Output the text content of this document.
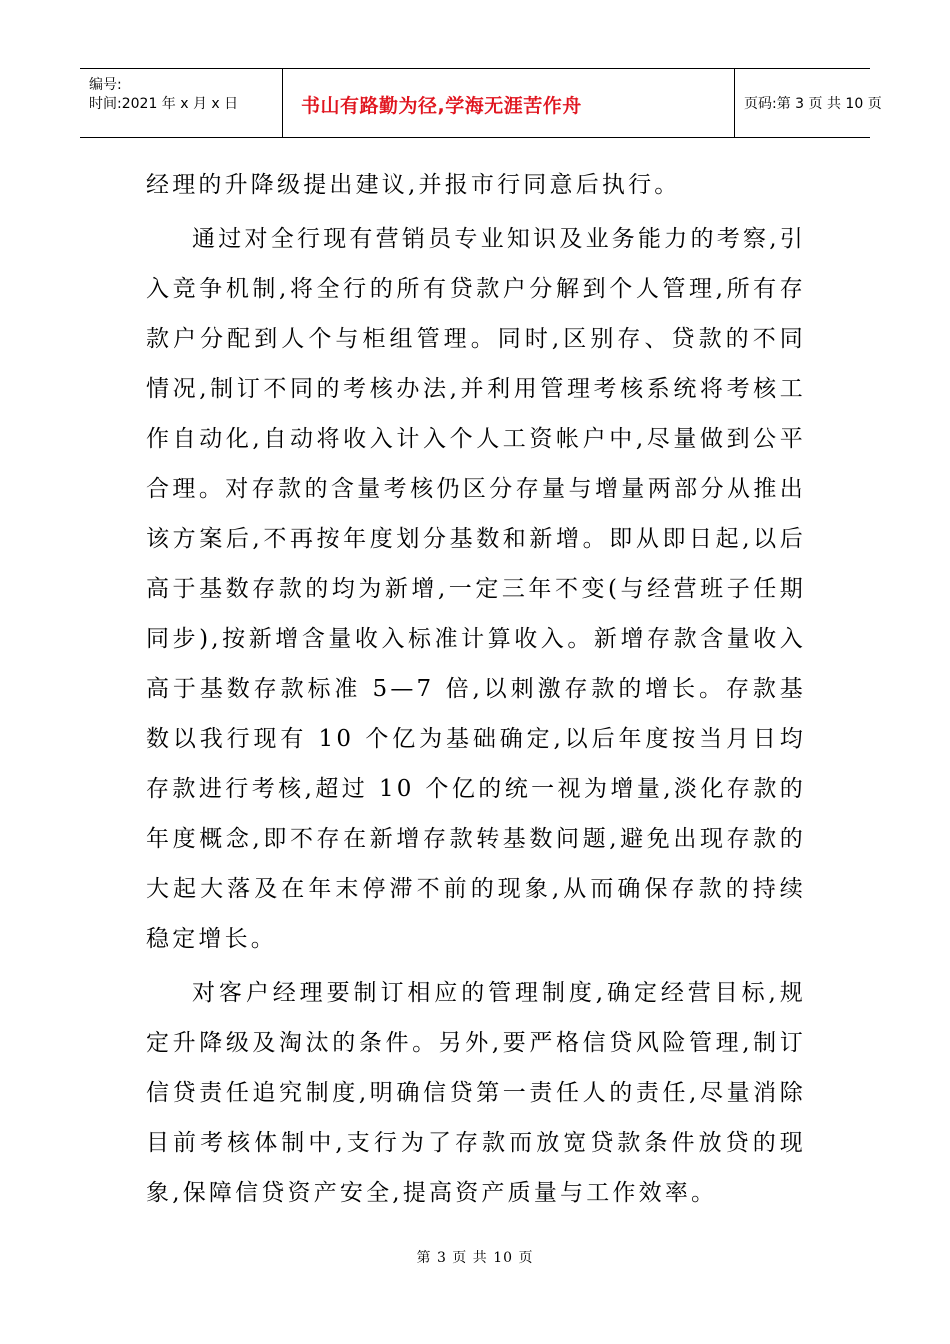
编号:
时间:2021 年 x 月 x 日	书山有路勤为径,学海无涯苦作舟	页码:第 3 页 共 10 页

经理的升降级提出建议,并报市行同意后执行。

通过对全行现有营销员专业知识及业务能力的考察,引入竞争机制,将全行的所有贷款户分解到个人管理,所有存款户分配到人个与柜组管理。同时,区别存、贷款的不同情况,制订不同的考核办法,并利用管理考核系统将考核工作自动化,自动将收入计入个人工资帐户中,尽量做到公平合理。对存款的含量考核仍区分存量与增量两部分从推出该方案后,不再按年度划分基数和新增。即从即日起,以后高于基数存款的均为新增,一定三年不变(与经营班子任期同步),按新增含量收入标准计算收入。新增存款含量收入高于基数存款标准 5—7 倍,以刺激存款的增长。存款基数以我行现有 10 个亿为基础确定,以后年度按当月日均存款进行考核,超过 10 个亿的统一视为增量,淡化存款的年度概念,即不存在新增存款转基数问题,避免出现存款的大起大落及在年末停滞不前的现象,从而确保存款的持续稳定增长。

对客户经理要制订相应的管理制度,确定经营目标,规定升降级及淘汰的条件。另外,要严格信贷风险管理,制订信贷责任追究制度,明确信贷第一责任人的责任,尽量消除目前考核体制中,支行为了存款而放宽贷款条件放贷的现象,保障信贷资产安全,提高资产质量与工作效率。

第 3 页 共 10 页
